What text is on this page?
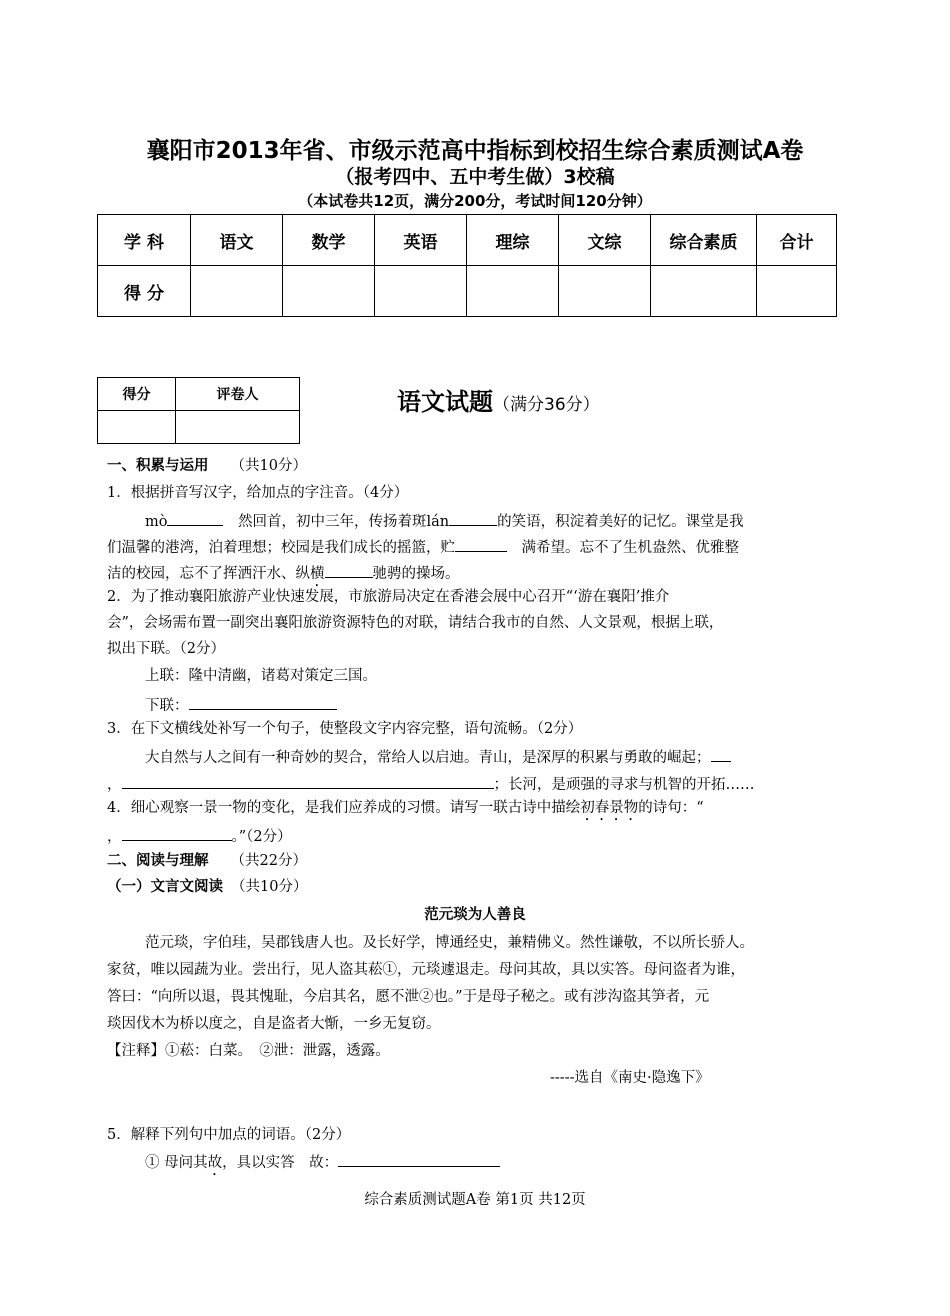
襄阳市2013年省、市级示范高中指标到校招生综合素质测试A卷
（报考四中、五中考生做）3校稿
（本试卷共12页，满分200分，考试时间120分钟）
学 科	语文	数学	英语	理综	文综	综合素质	合计
得 分							
得分	评卷人
		语文试题（满分36分）
一、积累与运用 （共10分）
1．根据拼音写汉字，给加点的字注音。（4分）
mò　	然回首，初中三年，传扬着斑lán	的笑语，积淀着美好的记忆。课堂是我
们温馨的港湾，泊着理想；校园是我们成长的摇篮，贮　	满希望。忘不了生机盎然、优雅整
洁的校园，忘不了挥洒汗水、纵横	驰骋的操场。
2．为了推动襄阳旅游产业快速发展，市旅游局决定在香港会展中心召开“‘游在襄阳’推介
会”，会场需布置一副突出襄阳旅游资源特色的对联，请结合我市的自然、人文景观，根据上联，
拟出下联。（2分）
上联：隆中清幽，诸葛对策定三国。
下联：
3．在下文横线处补写一个句子，使整段文字内容完整，语句流畅。（2分）
大自然与人之间有一种奇妙的契合，常给人以启迪。青山，是深厚的积累与勇敢的崛起；
，	；长河，是顽强的寻求与机智的开拓……
4．细心观察一景一物的变化，是我们应养成的习惯。请写一联古诗中描绘初春景物的诗句：“
，	。”（2分）
二、阅读与理解 （共22分）
（一）文言文阅读 （共10分）
范元琰为人善良
范元琰，字伯珪，吴郡钱唐人也。及长好学，博通经史，兼精佛义。然性谦敬，不以所长骄人。
家贫，唯以园蔬为业。尝出行，见人盗其菘①，元琰遽退走。母问其故，具以实答。母问盗者为谁，
答曰：“向所以退，畏其愧耻，今启其名，愿不泄②也。”于是母子秘之。或有涉沟盗其笋者，元
琰因伐木为桥以度之，自是盗者大惭，一乡无复窃。
【注释】①菘：白菜。　②泄：泄露，透露。
-----选自《南史·隐逸下》
5．解释下列句中加点的词语。（2分）
① 母问其故，具以实答　故：
综合素质测试题A卷 第1页 共12页
